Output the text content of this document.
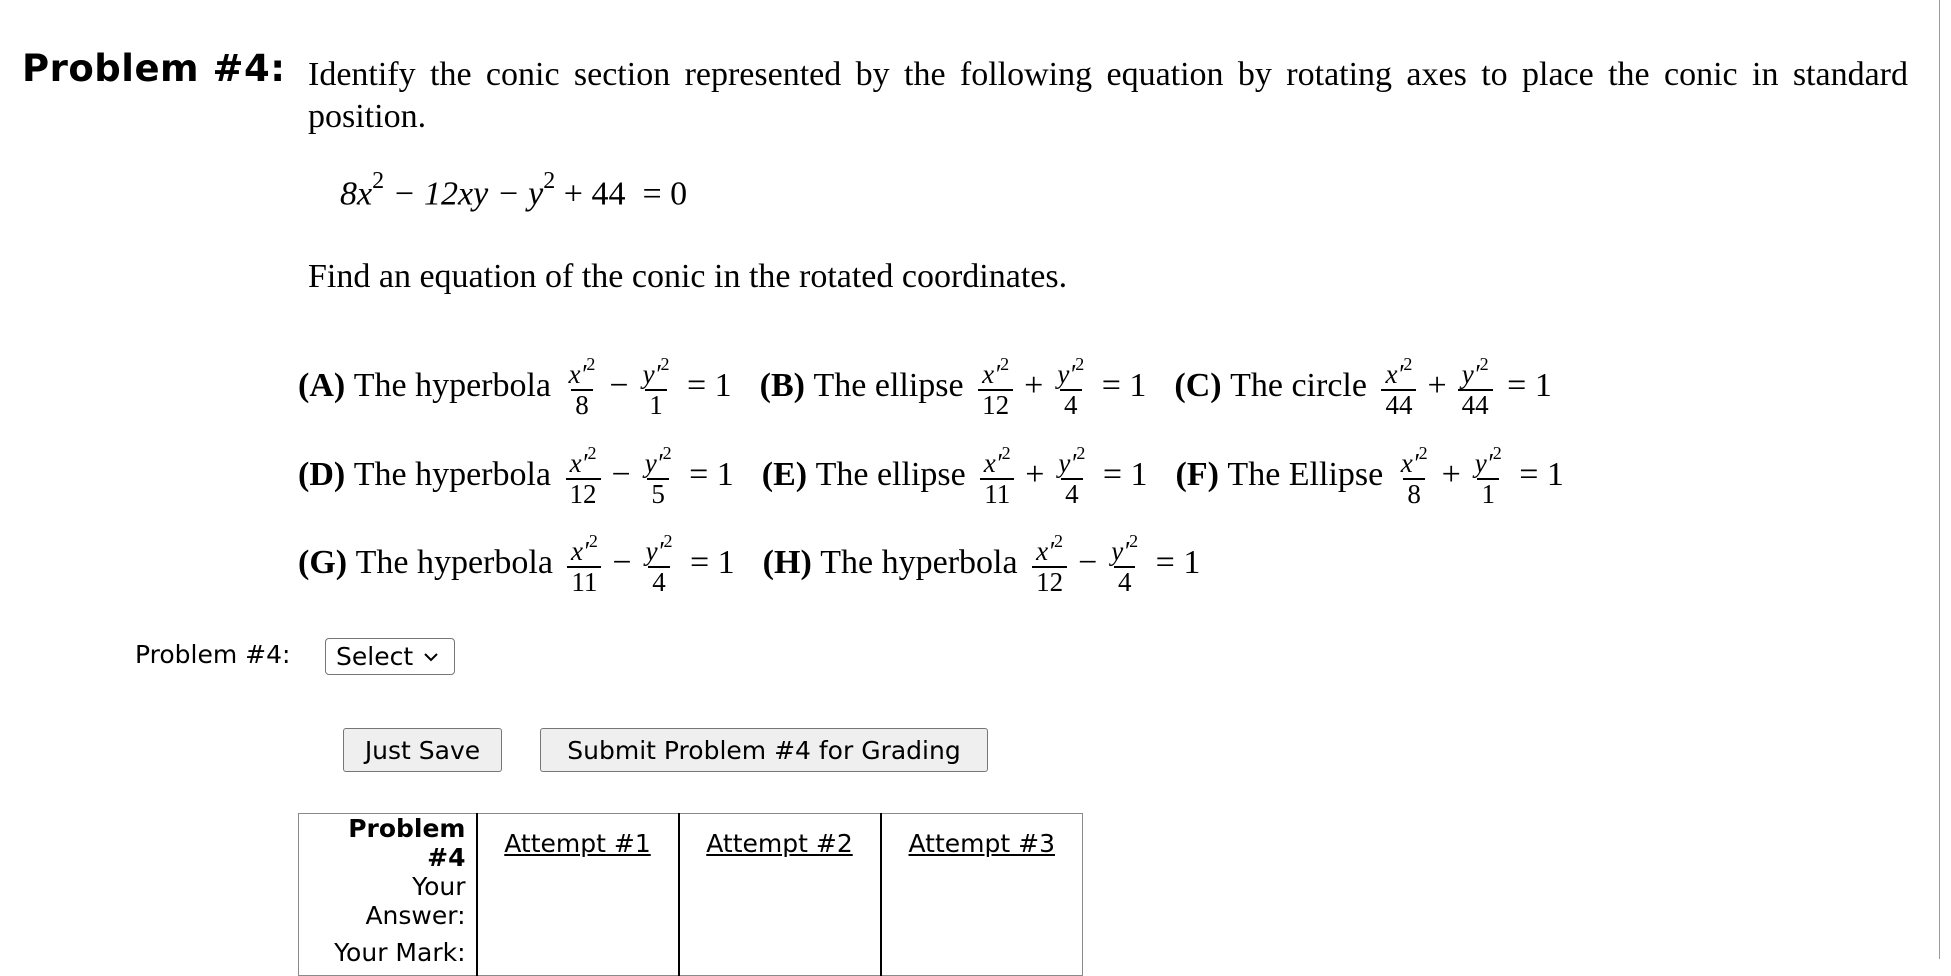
Problem #4: Identify the conic section represented by the following equation by rotating axes to place the conic in standard position.
$8x^2 - 12xy - y^2 + 44 = 0$
Find an equation of the conic in the rotated coordinates.
(A)
The hyperbola
$\frac{x'^2}{8} - \frac{y'^2}{1}$
= 1 (B)
The ellipse
$\frac{x'^2}{12} + \frac{y'^2}{4}$
= 1 (C)
The circle
$\frac{x'^2}{44} + \frac{y'^2}{44}$
= 1
(D)
The hyperbola
$\frac{x'^2}{12} - \frac{y'^2}{5}$
= 1 (E)
The ellipse
$\frac{x'^2}{11} + \frac{y'^2}{4}$
= 1 (F)
The Ellipse
$\frac{x'^2}{8} + \frac{y'^2}{1}$
= 1
(G)
The hyperbola
$\frac{x'^2}{11} - \frac{y'^2}{4}$
= 1 (H)
The hyperbola
$\frac{x'^2}{12} - \frac{y'^2}{4}$
= 1
Problem #4: Select
Just Save	Submit Problem #4 for Grading
Problem #4	Attempt #1	Attempt #2	Attempt #3
Your Answer:			
Your Mark:			
